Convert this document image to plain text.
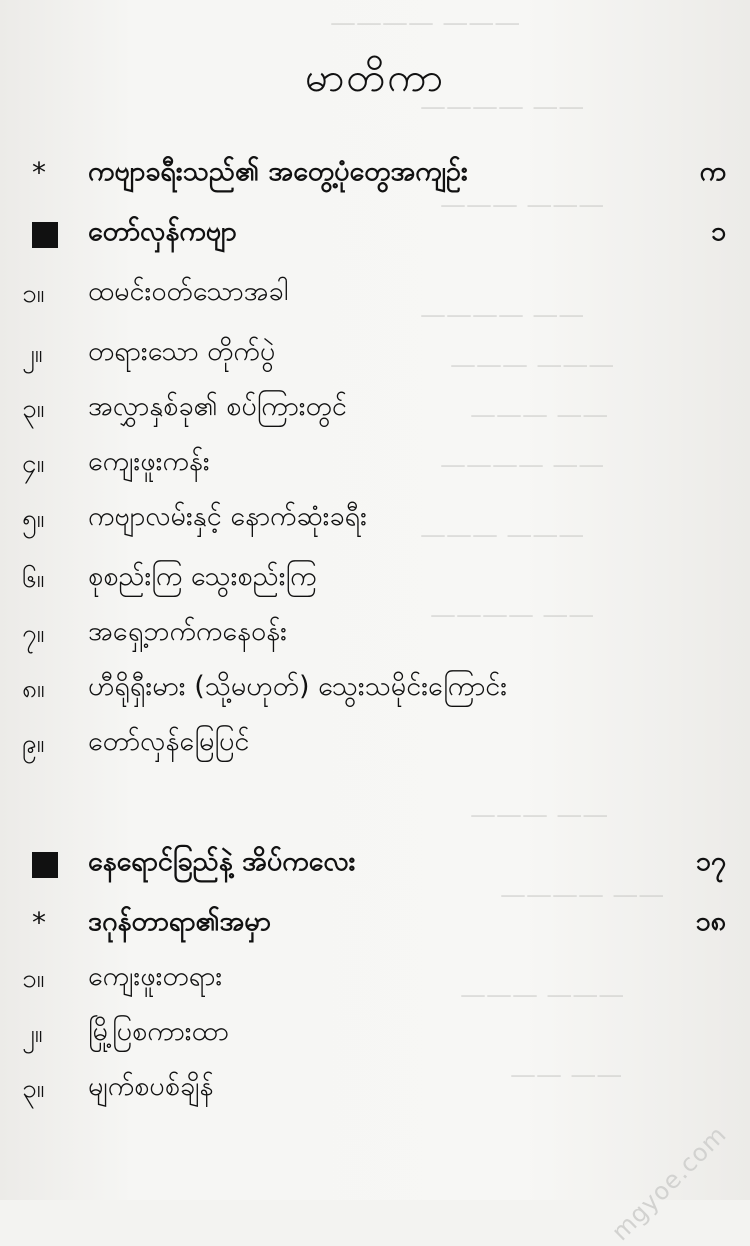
———— ———
———— ——
——— ———
———— ——
——— ———
——— ——
———— ——
——— ———
———— ——
——— ——
———— ——
——— ———
—— ——
မာတိကာ
*	ကဗျာခရီးသည်၏ အတွေ့ပုံတွေအကျဉ်း	က
တော်လှန်ကဗျာ	၁
၁။	ထမင်းဝတ်သောအခါ
၂။	တရားသော တိုက်ပွဲ
၃။	အလွှာနှစ်ခု၏ စပ်ကြားတွင်
၄။	ကျေးဖူးကန်း
၅။	ကဗျာလမ်းနှင့် နောက်ဆုံးခရီး
၆။	စုစည်းကြ သွေးစည်းကြ
၇။	အရှေ့ဘက်ကနေဝန်း
၈။	ဟီရိုရှီးမား (သို့မဟုတ်) သွေးသမိုင်းကြောင်း
၉။	တော်လှန်မြေပြင်
နေရောင်ခြည်နဲ့ အိပ်ကလေး	၁၇
*	ဒဂုန်တာရာ၏အမှာ	၁၈
၁။	ကျေးဖူးတရား
၂။	မြို့ပြစကားထာ
၃။	မျက်စပစ်ချိန်
mgyoe.com
